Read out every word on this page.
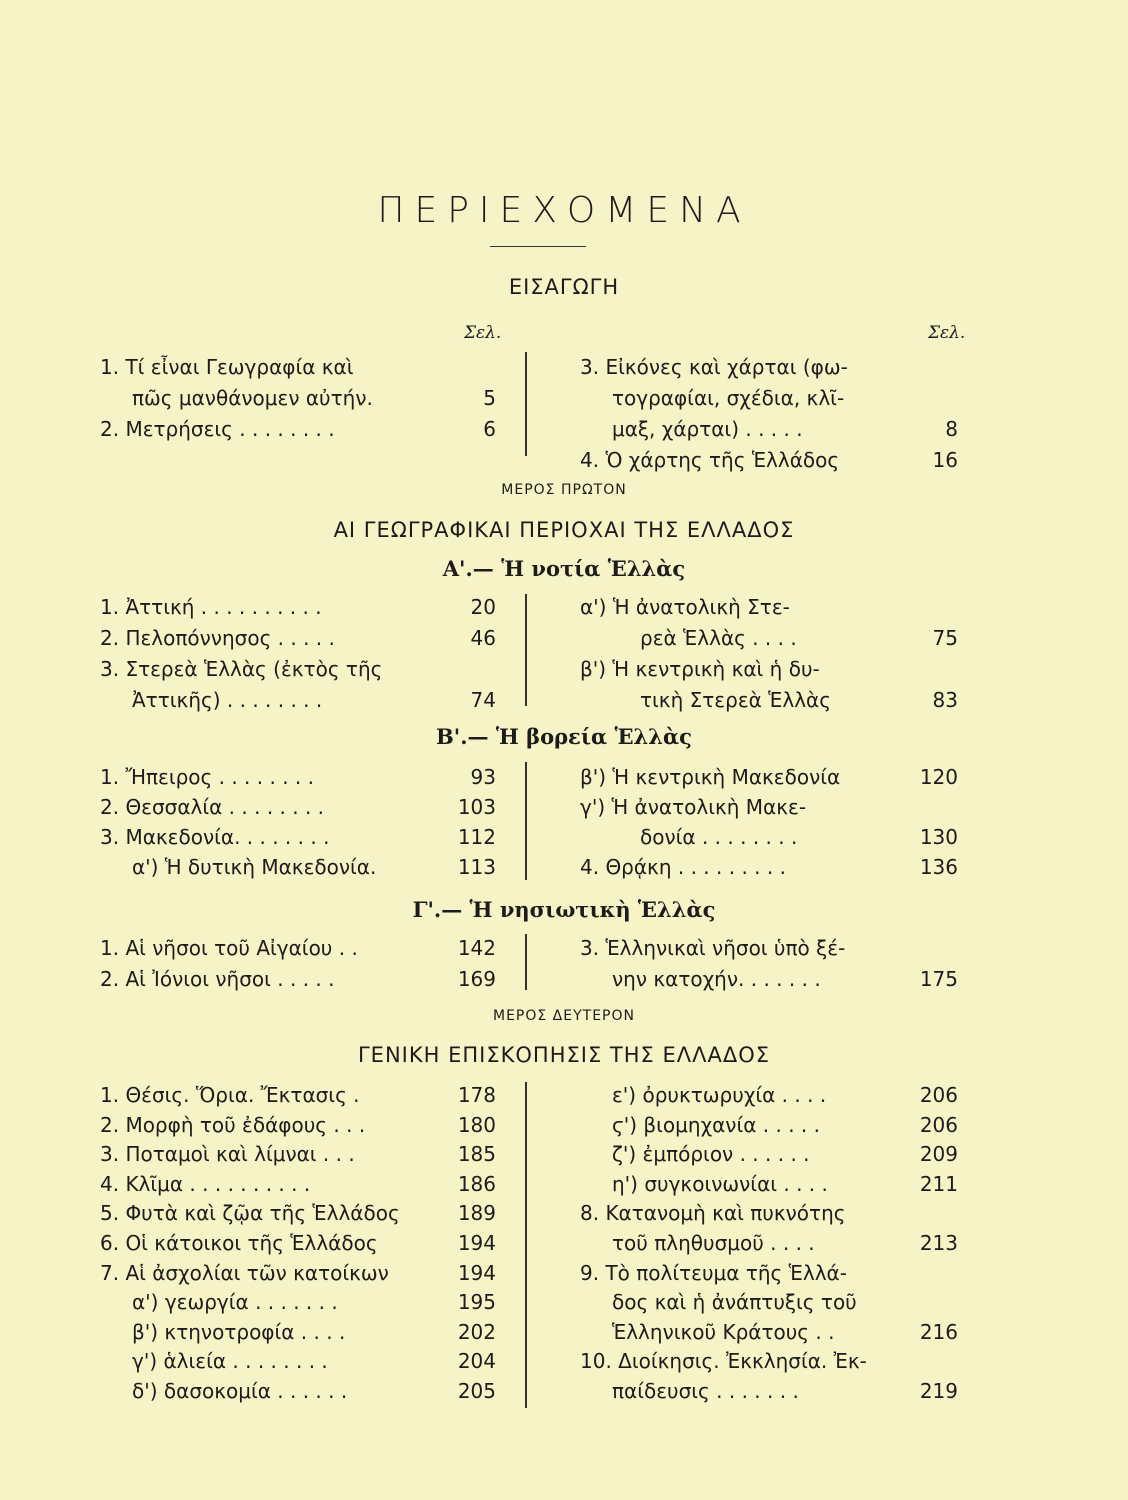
ΠΕΡΙΕΧΟΜΕΝΑ
ΕΙΣΑΓΩΓΗ
Σελ.	Σελ.
1. Τί εἶναι Γεωγραφία καὶ
πῶς μανθάνομεν αὐτήν.	5
2. Μετρήσεις . . . . . . . .	6
3. Εἰκόνες καὶ χάρται (φω-
τογραφίαι, σχέδια, κλῖ-
μαξ, χάρται) . . . . .	8
4. Ὁ χάρτης τῆς Ἑλλάδος	16
ΜΕΡΟΣ ΠΡΩΤΟΝ
ΑΙ ΓΕΩΓΡΑΦΙΚΑΙ ΠΕΡΙΟΧΑΙ ΤΗΣ ΕΛΛΑΔΟΣ
Α'.— Ἡ νοτία Ἑλλὰς
1. Ἀττική . . . . . . . . . .	20
2. Πελοπόννησος . . . . .	46
3. Στερεὰ Ἑλλὰς (ἐκτὸς τῆς
Ἀττικῆς) . . . . . . . .	74
α') Ἡ ἀνατολικὴ Στε-
ρεὰ Ἑλλὰς . . . .	75
β') Ἡ κεντρικὴ καὶ ἡ δυ-
τικὴ Στερεὰ Ἑλλὰς	83
Β'.— Ἡ βορεία Ἑλλὰς
1. Ἤπειρος . . . . . . . .	93
2. Θεσσαλία . . . . . . . .	103
3. Μακεδονία. . . . . . . .	112
α') Ἡ δυτικὴ Μακεδονία.	113
β') Ἡ κεντρικὴ Μακεδονία	120
γ') Ἡ ἀνατολικὴ Μακε-
δονία . . . . . . . .	130
4. Θρᾴκη . . . . . . . . .	136
Γ'.— Ἡ νησιωτικὴ Ἑλλὰς
1. Αἱ νῆσοι τοῦ Αἰγαίου . .	142
2. Αἱ Ἰόνιοι νῆσοι . . . . .	169
3. Ἑλληνικαὶ νῆσοι ὑπὸ ξέ-
νην κατοχήν. . . . . . .	175
ΜΕΡΟΣ ΔΕΥΤΕΡΟΝ
ΓΕΝΙΚΗ ΕΠΙΣΚΟΠΗΣΙΣ ΤΗΣ ΕΛΛΑΔΟΣ
1. Θέσις. Ὅρια. Ἔκτασις .	178
2. Μορφὴ τοῦ ἐδάφους . . .	180
3. Ποταμοὶ καὶ λίμναι . . .	185
4. Κλῖμα . . . . . . . . . .	186
5. Φυτὰ καὶ ζῷα τῆς Ἑλλάδος	189
6. Οἱ κάτοικοι τῆς Ἑλλάδος	194
7. Αἱ ἀσχολίαι τῶν κατοίκων	194
α') γεωργία . . . . . . .	195
β') κτηνοτροφία . . . .	202
γ') ἁλιεία . . . . . . . .	204
δ') δασοκομία . . . . . .	205
ε') ὀρυκτωρυχία . . . .	206
ϛ') βιομηχανία . . . . .	206
ζ') ἐμπόριον . . . . . .	209
η') συγκοινωνίαι . . . .	211
8. Κατανομὴ καὶ πυκνότης
τοῦ πληθυσμοῦ . . . .	213
9. Τὸ πολίτευμα τῆς Ἑλλά-
δος καὶ ἡ ἀνάπτυξις τοῦ
Ἑλληνικοῦ Κράτους . .	216
10. Διοίκησις. Ἐκκλησία. Ἐκ-
παίδευσις . . . . . . .	219
